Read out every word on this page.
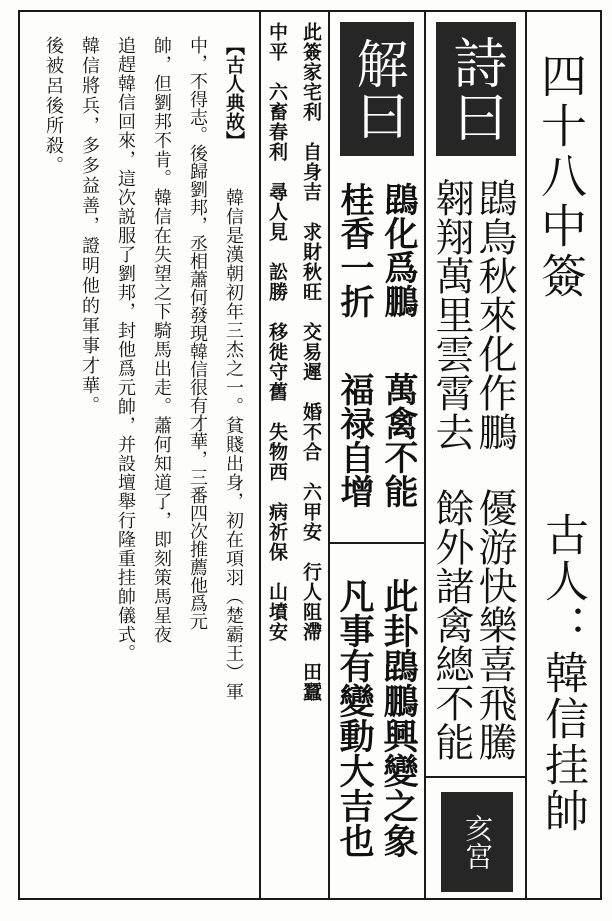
四十八中簽
古人：韓信挂帥
詩曰
鵾鳥秋來化作鵬
翱翔萬里雲霄去
優游快樂喜飛騰
餘外諸禽總不能
亥宮
解曰
鵾化爲鵬
桂香一折
萬禽不能
福禄自增
此卦鵾鵬興變之象
凡事有變動大吉也
此簽家宅利　自身吉　求財秋旺　交易遲　婚不合　六甲安　行人阻滯　田蠶
中平　六畜春利　尋人見　訟勝　移徙守舊　失物西　病祈保　山墳安
【古人典故】
韓信是漢朝初年三杰之一。貧賤出身，初在項羽（楚霸王）軍
中，不得志。後歸劉邦，丞相蕭何發現韓信很有才華，三番四次推薦他爲元
帥，但劉邦不肯。韓信在失望之下騎馬出走。蕭何知道了，即刻策馬星夜
追趕韓信回來，這次説服了劉邦，封他爲元帥，并設壇舉行隆重挂帥儀式。
韓信將兵，多多益善，證明他的軍事才華。
後被呂後所殺。
